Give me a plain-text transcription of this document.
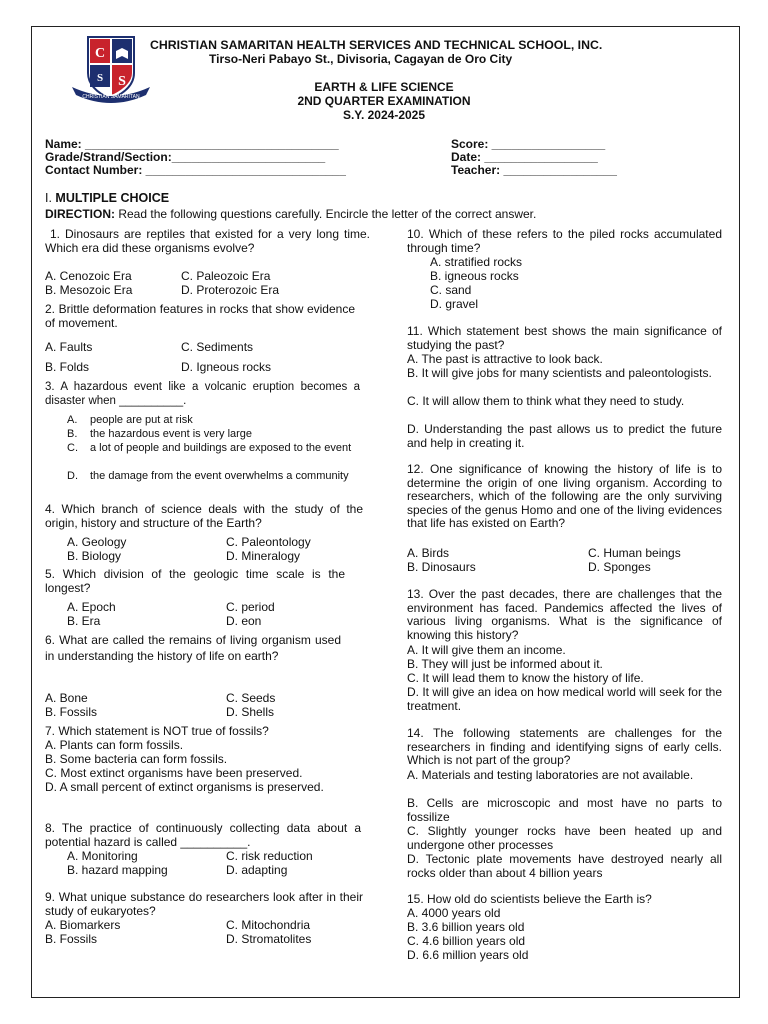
C
S
S
CHRISTIAN SAMARITAN
CHRISTIAN SAMARITAN HEALTH SERVICES AND TECHNICAL SCHOOL, INC.
Tirso-Neri Pabayo St., Divisoria, Cagayan de Oro City
EARTH & LIFE SCIENCE
2ND QUARTER EXAMINATION
S.Y. 2024-2025
Name: ______________________________________
Grade/Strand/Section:_______________________
Contact Number: ______________________________
Score: _________________
Date: _________________
Teacher: _________________
I. MULTIPLE CHOICE
DIRECTION: Read the following questions carefully. Encircle the letter of the correct answer.
1. Dinosaurs are reptiles that existed for a very long time. Which era did these organisms evolve?
A. Cenozoic Era	C. Paleozoic Era
B. Mesozoic Era	D. Proterozoic Era
2. Brittle deformation features in rocks that show evidence of movement.
A. Faults	C. Sediments
B. Folds	D. Igneous rocks
3. A hazardous event like a volcanic eruption becomes a disaster when __________.
A. people are put at risk
B. the hazardous event is very large
C. a lot of people and buildings are exposed to the event
D. the damage from the event overwhelms a community
4. Which branch of science deals with the study of the origin, history and structure of the Earth?
A. Geology	C. Paleontology
B. Biology	D. Mineralogy
5. Which division of the geologic time scale is the longest?
A. Epoch	C. period
B. Era	D. eon
6. What are called the remains of living organism used in understanding the history of life on earth?
A. Bone	C. Seeds
B. Fossils	D. Shells
7. Which statement is NOT true of fossils?
A. Plants can form fossils.
B. Some bacteria can form fossils.
C. Most extinct organisms have been preserved.
D. A small percent of extinct organisms is preserved.
8. The practice of continuously collecting data about a potential hazard is called __________.
A. Monitoring	C. risk reduction
B. hazard mapping	D. adapting
9. What unique substance do researchers look after in their study of eukaryotes?
A. Biomarkers	C. Mitochondria
B. Fossils	D. Stromatolites
10. Which of these refers to the piled rocks accumulated through time?
A. stratified rocks
B. igneous rocks
C. sand
D. gravel
11. Which statement best shows the main significance of studying the past?
A. The past is attractive to look back.
B. It will give jobs for many scientists and paleontologists.
C. It will allow them to think what they need to study.
D. Understanding the past allows us to predict the future and help in creating it.
12. One significance of knowing the history of life is to determine the origin of one living organism. According to researchers, which of the following are the only surviving species of the genus Homo and one of the living evidences that life has existed on Earth?
A. Birds	C. Human beings
B. Dinosaurs	D. Sponges
13. Over the past decades, there are challenges that the environment has faced. Pandemics affected the lives of various living organisms. What is the significance of knowing this history?
A. It will give them an income.
B. They will just be informed about it.
C. It will lead them to know the history of life.
D. It will give an idea on how medical world will seek for the treatment.
14. The following statements are challenges for the researchers in finding and identifying signs of early cells. Which is not part of the group?
A. Materials and testing laboratories are not available.
B. Cells are microscopic and most have no parts to fossilize
C. Slightly younger rocks have been heated up and undergone other processes
D. Tectonic plate movements have destroyed nearly all rocks older than about 4 billion years
15. How old do scientists believe the Earth is?
A. 4000 years old
B. 3.6 billion years old
C. 4.6 billion years old
D. 6.6 million years old
